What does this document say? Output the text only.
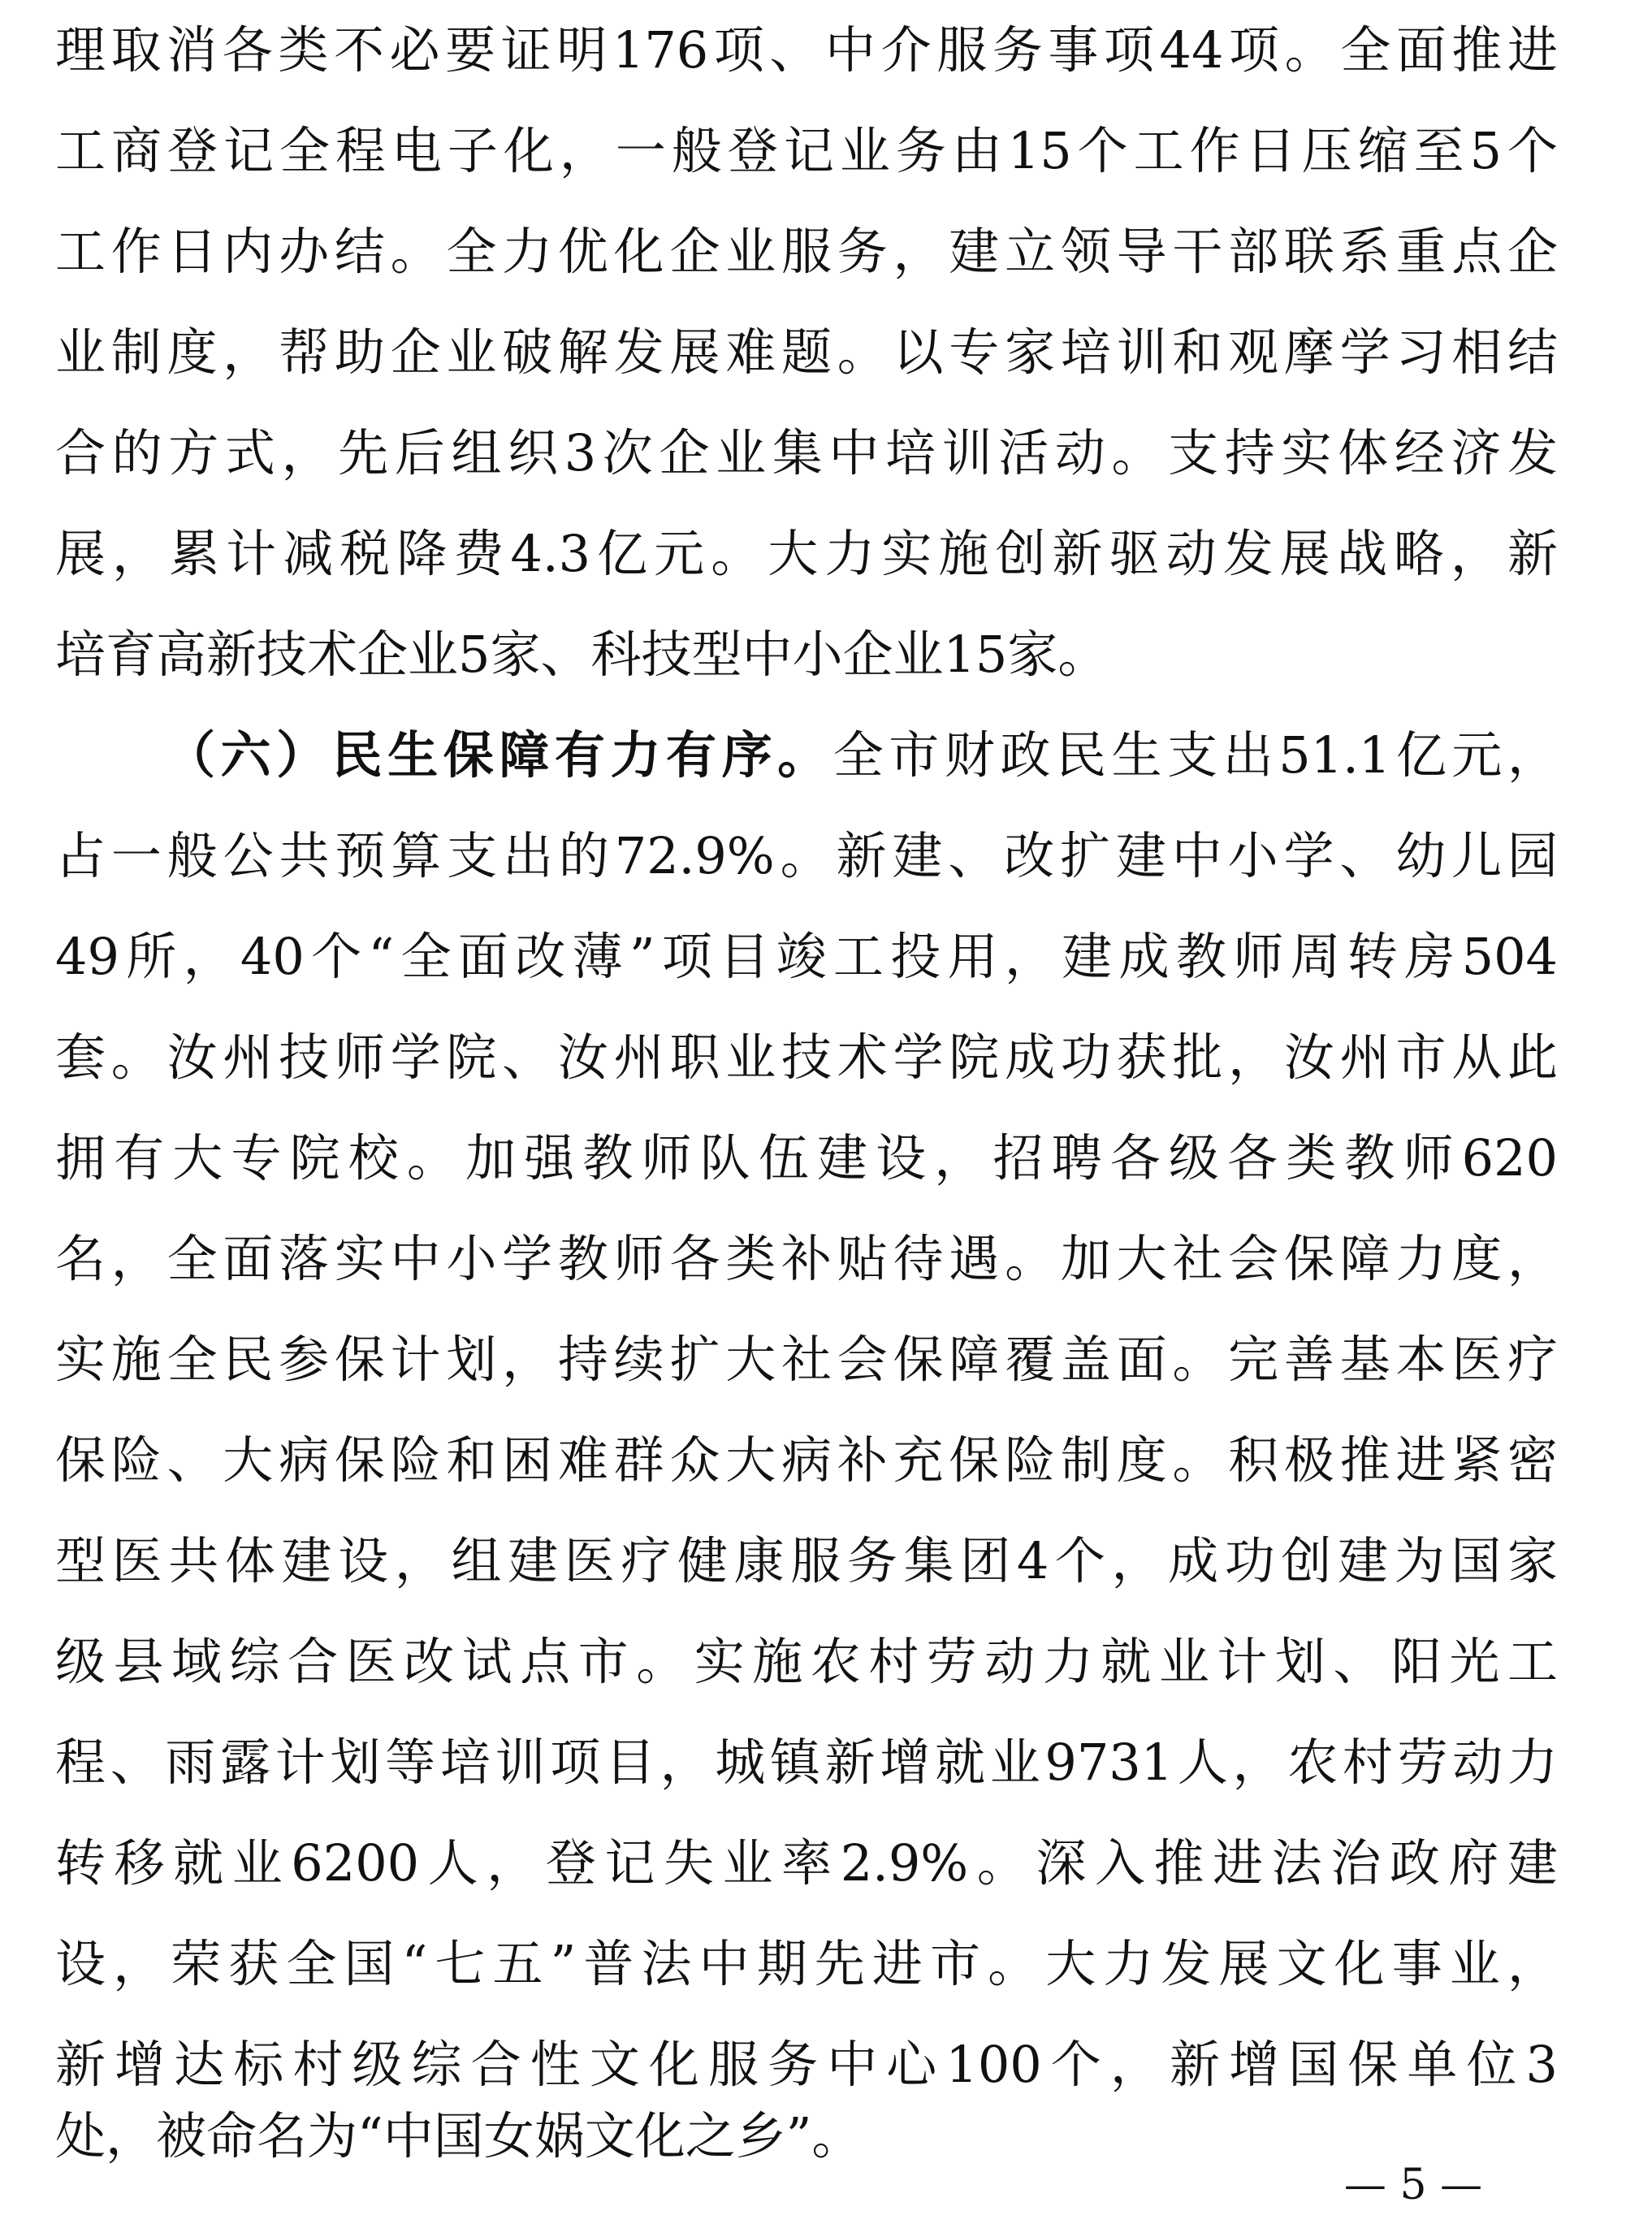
理取消各类不必要证明176项、中介服务事项44项。全面推进
工商登记全程电子化，一般登记业务由15个工作日压缩至5个
工作日内办结。全力优化企业服务，建立领导干部联系重点企
业制度，帮助企业破解发展难题。以专家培训和观摩学习相结
合的方式，先后组织3次企业集中培训活动。支持实体经济发
展，累计减税降费4.3亿元。大力实施创新驱动发展战略，新
培育高新技术企业5家、科技型中小企业15家。
（六）民生保障有力有序。全市财政民生支出51.1亿元，
占一般公共预算支出的72.9%。新建、改扩建中小学、幼儿园
49所，40个“全面改薄”项目竣工投用，建成教师周转房504
套。汝州技师学院、汝州职业技术学院成功获批，汝州市从此
拥有大专院校。加强教师队伍建设，招聘各级各类教师620
名，全面落实中小学教师各类补贴待遇。加大社会保障力度，
实施全民参保计划，持续扩大社会保障覆盖面。完善基本医疗
保险、大病保险和困难群众大病补充保险制度。积极推进紧密
型医共体建设，组建医疗健康服务集团4个，成功创建为国家
级县域综合医改试点市。实施农村劳动力就业计划、阳光工
程、雨露计划等培训项目，城镇新增就业9731人，农村劳动力
转移就业6200人，登记失业率2.9%。深入推进法治政府建
设，荣获全国“七五”普法中期先进市。大力发展文化事业，
新增达标村级综合性文化服务中心100个，新增国保单位3
处，被命名为“中国女娲文化之乡”。
— 5 —
